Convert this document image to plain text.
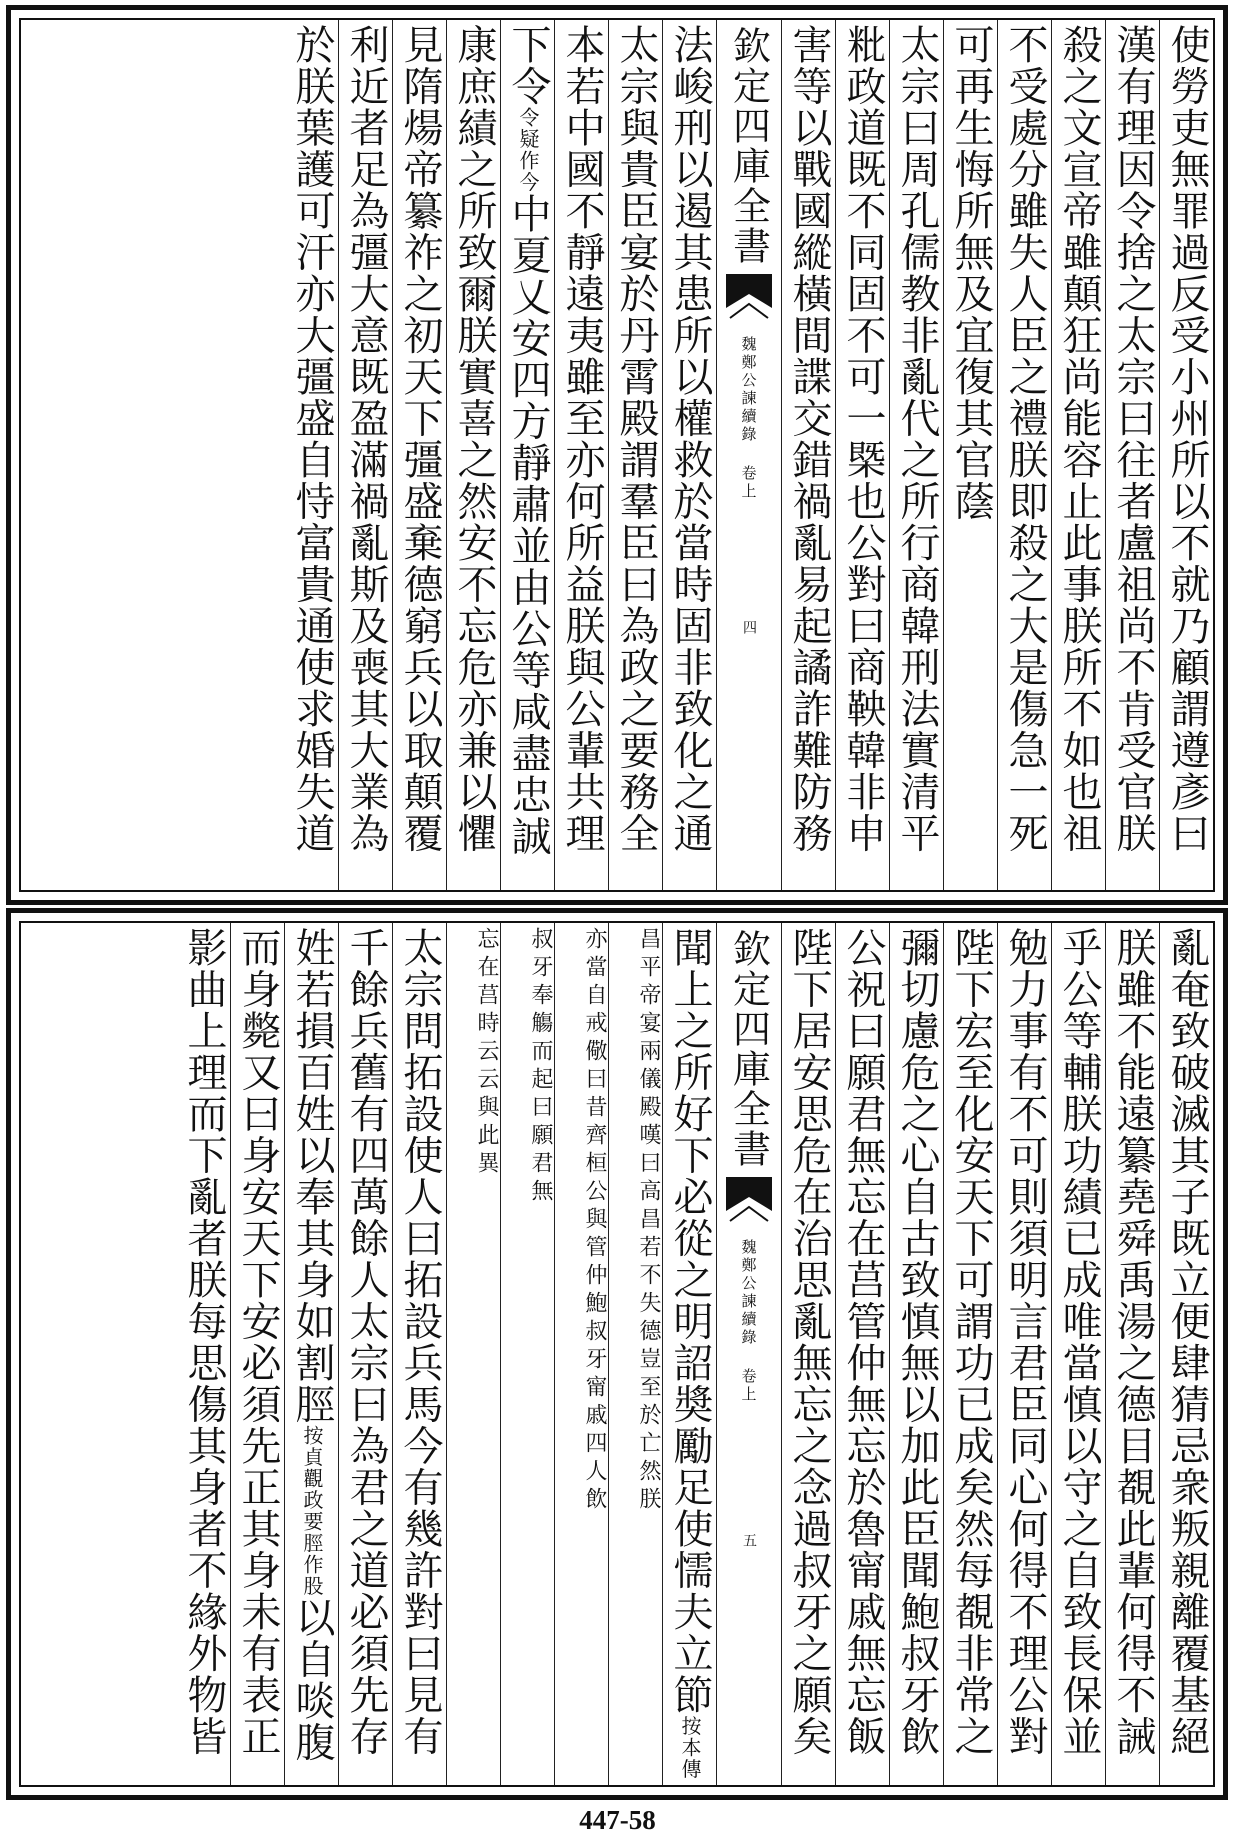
使勞吏無罪過反受小州所以不就乃顧謂遵彥曰
漢有理因令捨之太宗曰往者盧祖尚不肯受官朕
殺之文宣帝雖顛狂尚能容止此事朕所不如也祖
不受處分雖失人臣之禮朕即殺之大是傷急一死
可再生悔所無及宜復其官蔭
太宗曰周孔儒教非亂代之所行商韓刑法實清平
粃政道既不同固不可一槩也公對曰商鞅韓非申
害等以戰國縱橫間諜交錯禍亂易起譎詐難防務
欽定四庫全書
魏鄭公諫續錄 卷上
四
法峻刑以遏其患所以權救於當時固非致化之通
太宗與貴臣宴於丹霄殿謂羣臣曰為政之要務全
本若中國不靜遠夷雖至亦何所益朕與公輩共理
下令令疑作今中夏乂安四方靜肅並由公等咸盡忠誠
康庶績之所致爾朕實喜之然安不忘危亦兼以懼
見隋煬帝纂祚之初天下彊盛棄德窮兵以取顛覆
利近者足為彊大意既盈滿禍亂斯及喪其大業為
於朕葉護可汗亦大彊盛自恃富貴通使求婚失道
亂奄致破滅其子既立便肆猜忌衆叛親離覆基絕
朕雖不能遠纂堯舜禹湯之德目覩此輩何得不誡
乎公等輔朕功績已成唯當慎以守之自致長保並
勉力事有不可則須明言君臣同心何得不理公對
陛下宏至化安天下可謂功已成矣然每覩非常之
彌切慮危之心自古致慎無以加此臣聞鮑叔牙飲
公祝曰願君無忘在莒管仲無忘於魯甯戚無忘飯
陛下居安思危在治思亂無忘之念過叔牙之願矣
欽定四庫全書
魏鄭公諫續錄 卷上
五
聞上之所好下必從之明詔奬勵足使懦夫立節按本傳
昌平帝宴兩儀殿嘆曰高昌若不失德豈至於亡然朕
亦當自戒儆曰昔齊桓公與管仲鮑叔牙甯戚四人飲
叔牙奉觴而起曰願君無
忘在莒時云云與此異
太宗問拓設使人曰拓設兵馬今有幾許對曰見有
千餘兵舊有四萬餘人太宗曰為君之道必須先存
姓若損百姓以奉其身如割脛按貞觀政要脛作股以自啖腹
而身斃又曰身安天下安必須先正其身未有表正
影曲上理而下亂者朕每思傷其身者不緣外物皆
447-58
